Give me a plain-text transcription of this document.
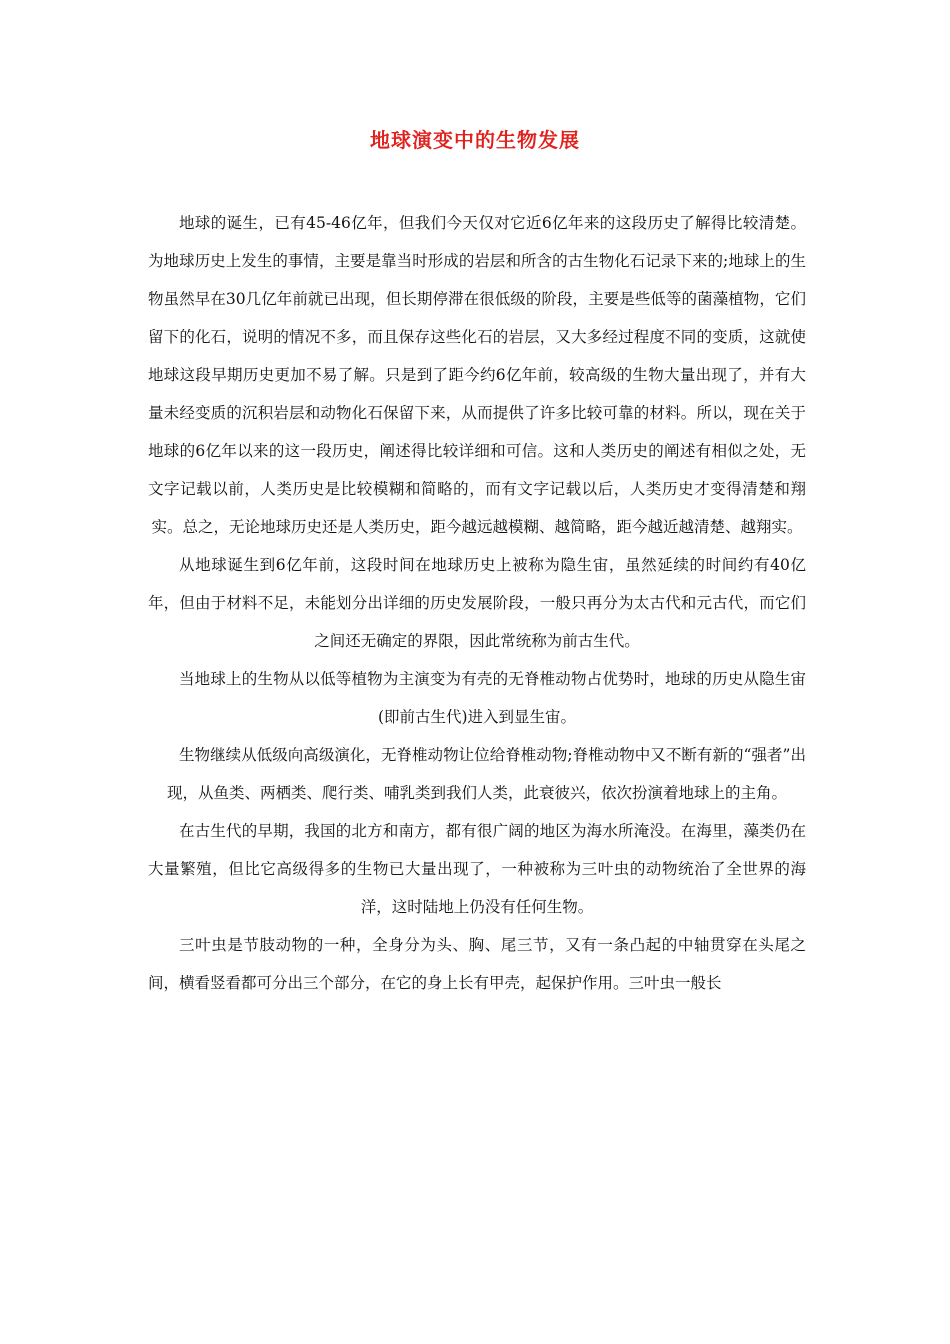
地球演变中的生物发展

地球的诞生，已有45-46亿年，但我们今天仅对它近6亿年来的这段历史了解得比较清楚。为地球历史上发生的事情，主要是靠当时形成的岩层和所含的古生物化石记录下来的;地球上的生物虽然早在30几亿年前就已出现，但长期停滞在很低级的阶段，主要是些低等的菌藻植物，它们留下的化石，说明的情况不多，而且保存这些化石的岩层，又大多经过程度不同的变质，这就使地球这段早期历史更加不易了解。只是到了距今约6亿年前，较高级的生物大量出现了，并有大量未经变质的沉积岩层和动物化石保留下来，从而提供了许多比较可靠的材料。所以，现在关于地球的6亿年以来的这一段历史，阐述得比较详细和可信。这和人类历史的阐述有相似之处，无文字记载以前，人类历史是比较模糊和简略的，而有文字记载以后，人类历史才变得清楚和翔实。总之，无论地球历史还是人类历史，距今越远越模糊、越简略，距今越近越清楚、越翔实。

从地球诞生到6亿年前，这段时间在地球历史上被称为隐生宙，虽然延续的时间约有40亿年，但由于材料不足，未能划分出详细的历史发展阶段，一般只再分为太古代和元古代，而它们之间还无确定的界限，因此常统称为前古生代。

当地球上的生物从以低等植物为主演变为有壳的无脊椎动物占优势时，地球的历史从隐生宙(即前古生代)进入到显生宙。

生物继续从低级向高级演化，无脊椎动物让位给脊椎动物;脊椎动物中又不断有新的“强者”出现，从鱼类、两栖类、爬行类、哺乳类到我们人类，此衰彼兴，依次扮演着地球上的主角。

在古生代的早期，我国的北方和南方，都有很广阔的地区为海水所淹没。在海里，藻类仍在大量繁殖，但比它高级得多的生物已大量出现了，一种被称为三叶虫的动物统治了全世界的海洋，这时陆地上仍没有任何生物。

三叶虫是节肢动物的一种，全身分为头、胸、尾三节，又有一条凸起的中轴贯穿在头尾之间，横看竖看都可分出三个部分，在它的身上长有甲壳，起保护作用。三叶虫一般长
